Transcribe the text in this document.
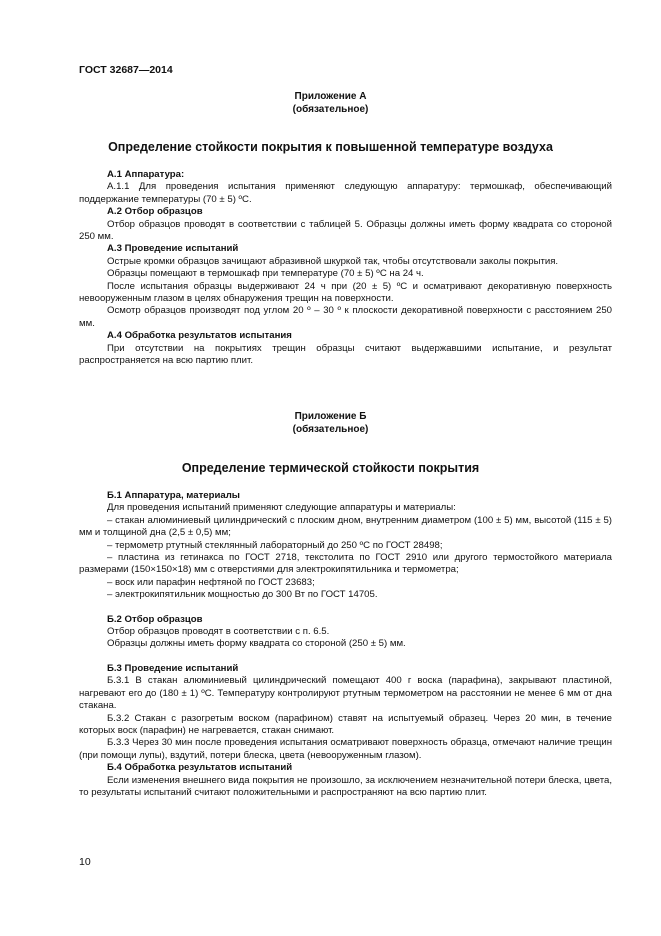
ГОСТ 32687—2014
Приложение А
(обязательное)
Определение стойкости покрытия к повышенной температуре воздуха
А.1 Аппаратура:

А.1.1 Для проведения испытания применяют следующую аппаратуру: термошкаф, обеспечивающий поддержание температуры (70 ± 5) ºС.

А.2 Отбор образцов

Отбор образцов проводят в соответствии с таблицей 5. Образцы должны иметь форму квадрата со стороной 250 мм.

А.3 Проведение испытаний

Острые кромки образцов зачищают абразивной шкуркой так, чтобы отсутствовали заколы покрытия.

Образцы помещают в термошкаф при температуре (70 ± 5) ºС на 24 ч.

После испытания образцы выдерживают 24 ч при (20 ± 5) ºС и осматривают декоративную поверхность невооруженным глазом в целях обнаружения трещин на поверхности.

Осмотр образцов производят под углом 20 º – 30 º к плоскости декоративной поверхности с расстоянием 250 мм.

А.4 Обработка результатов испытания

При отсутствии на покрытиях трещин образцы считают выдержавшими испытание, и результат распространяется на всю партию плит.

Приложение Б
(обязательное)
Определение термической стойкости покрытия
Б.1 Аппаратура, материалы

Для проведения испытаний применяют следующие аппаратуры и материалы:

– стакан алюминиевый цилиндрический с плоским дном, внутренним диаметром (100 ± 5) мм, высотой (115 ± 5) мм и толщиной дна (2,5 ± 0,5) мм;

– термометр ртутный стеклянный лабораторный до 250 ºС по ГОСТ 28498;

– пластина из гетинакса по ГОСТ 2718, текстолита по ГОСТ 2910 или другого термостойкого материала размерами (150×150×18) мм с отверстиями для электрокипятильника и термометра;

– воск или парафин нефтяной по ГОСТ 23683;

– электрокипятильник мощностью до 300 Вт по ГОСТ 14705.

Б.2 Отбор образцов

Отбор образцов проводят в соответствии с п. 6.5.

Образцы должны иметь форму квадрата со стороной (250 ± 5) мм.

Б.3 Проведение испытаний

Б.3.1 В стакан алюминиевый цилиндрический помещают 400 г воска (парафина), закрывают пластиной, нагревают его до (180 ± 1) ºС. Температуру контролируют ртутным термометром на расстоянии не менее 6 мм от дна стакана.

Б.3.2 Стакан с разогретым воском (парафином) ставят на испытуемый образец. Через 20 мин, в течение которых воск (парафин) не нагревается, стакан снимают.

Б.3.3 Через 30 мин после проведения испытания осматривают поверхность образца, отмечают наличие трещин (при помощи лупы), вздутий, потери блеска, цвета (невооруженным глазом).

Б.4 Обработка результатов испытаний

Если изменения внешнего вида покрытия не произошло, за исключением незначительной потери блеска, цвета, то результаты испытаний считают положительными и распространяют на всю партию плит.

10
